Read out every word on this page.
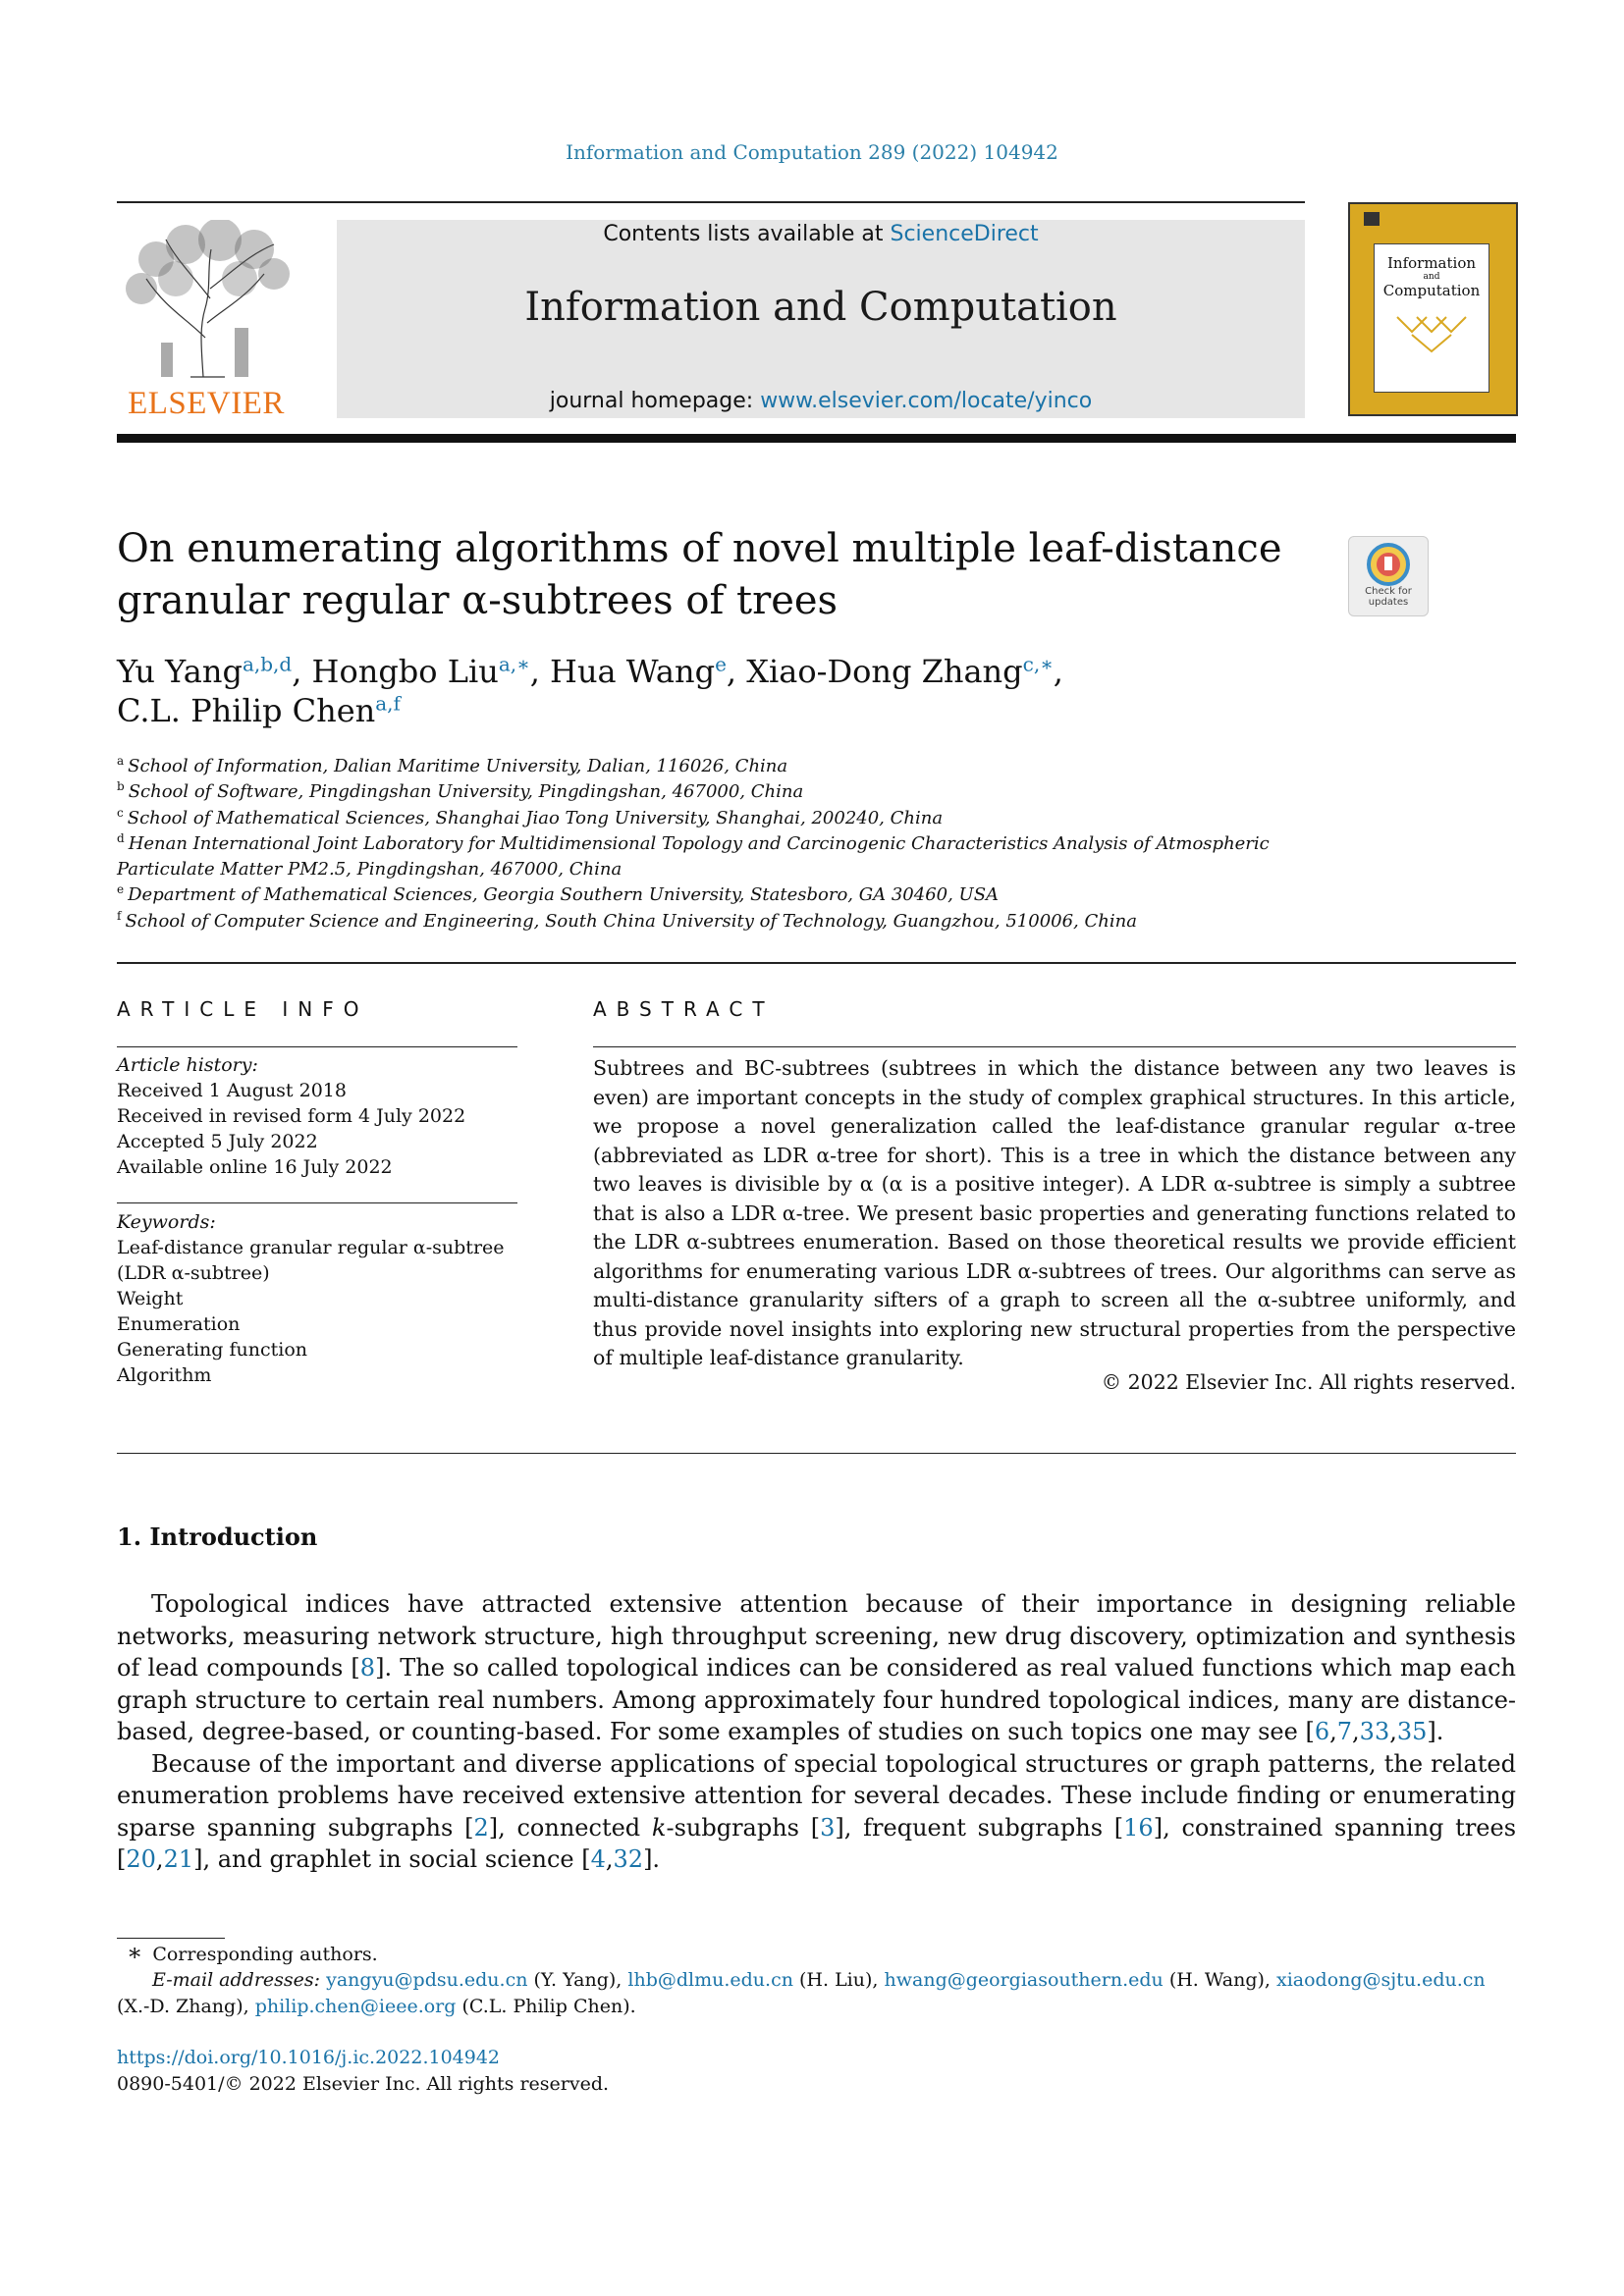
Information and Computation 289 (2022) 104942
ELSEVIER
Contents lists available at ScienceDirect
Information and Computation
journal homepage: www.elsevier.com/locate/yinco
Information
and
Computation
On enumerating algorithms of novel multiple leaf-distance
granular regular α-subtrees of trees	Check for updates
Yu Yang$^{a,b,d}$, Hongbo Liu$^{a,∗}$, Hua Wang$^e$, Xiao-Dong Zhang$^{c,∗}$,
C.L. Philip Chen$^{a,f}$
$^a$ School of Information, Dalian Maritime University, Dalian, 116026, China
$^b$ School of Software, Pingdingshan University, Pingdingshan, 467000, China
$^c$ School of Mathematical Sciences, Shanghai Jiao Tong University, Shanghai, 200240, China
$^d$ Henan International Joint Laboratory for Multidimensional Topology and Carcinogenic Characteristics Analysis of Atmospheric Particulate Matter PM2.5, Pingdingshan, 467000, China
$^e$ Department of Mathematical Sciences, Georgia Southern University, Statesboro, GA 30460, USA
$^f$ School of Computer Science and Engineering, South China University of Technology, Guangzhou, 510006, China
ARTICLE INFO	ABSTRACT
Article history:
Received 1 August 2018
Received in revised form 4 July 2022
Accepted 5 July 2022
Available online 16 July 2022
Keywords:
Leaf-distance granular regular α-subtree
(LDR α-subtree)
Weight
Enumeration
Generating function
Algorithm
Subtrees and BC-subtrees (subtrees in which the distance between any two leaves is even) are important concepts in the study of complex graphical structures. In this article, we propose a novel generalization called the leaf-distance granular regular α-tree (abbreviated as LDR α-tree for short). This is a tree in which the distance between any two leaves is divisible by α (α is a positive integer). A LDR α-subtree is simply a subtree that is also a LDR α-tree. We present basic properties and generating functions related to the LDR α-subtrees enumeration. Based on those theoretical results we provide efficient algorithms for enumerating various LDR α-subtrees of trees. Our algorithms can serve as multi-distance granularity sifters of a graph to screen all the α-subtree uniformly, and thus provide novel insights into exploring new structural properties from the perspective of multiple leaf-distance granularity.
© 2022 Elsevier Inc. All rights reserved.
1. Introduction

Topological indices have attracted extensive attention because of their importance in designing reliable networks, measuring network structure, high throughput screening, new drug discovery, optimization and synthesis of lead compounds [8]. The so called topological indices can be considered as real valued functions which map each graph structure to certain real numbers. Among approximately four hundred topological indices, many are distance-based, degree-based, or counting-based. For some examples of studies on such topics one may see [6,7,33,35].

Because of the important and diverse applications of special topological structures or graph patterns, the related enumeration problems have received extensive attention for several decades. These include finding or enumerating sparse spanning subgraphs [2], connected k-subgraphs [3], frequent subgraphs [16], constrained spanning trees [20,21], and graphlet in social science [4,32].

∗ Corresponding authors.
E-mail addresses: yangyu@pdsu.edu.cn (Y. Yang), lhb@dlmu.edu.cn (H. Liu), hwang@georgiasouthern.edu (H. Wang), xiaodong@sjtu.edu.cn (X.-D. Zhang), philip.chen@ieee.org (C.L. Philip Chen).
https://doi.org/10.1016/j.ic.2022.104942
0890-5401/© 2022 Elsevier Inc. All rights reserved.
